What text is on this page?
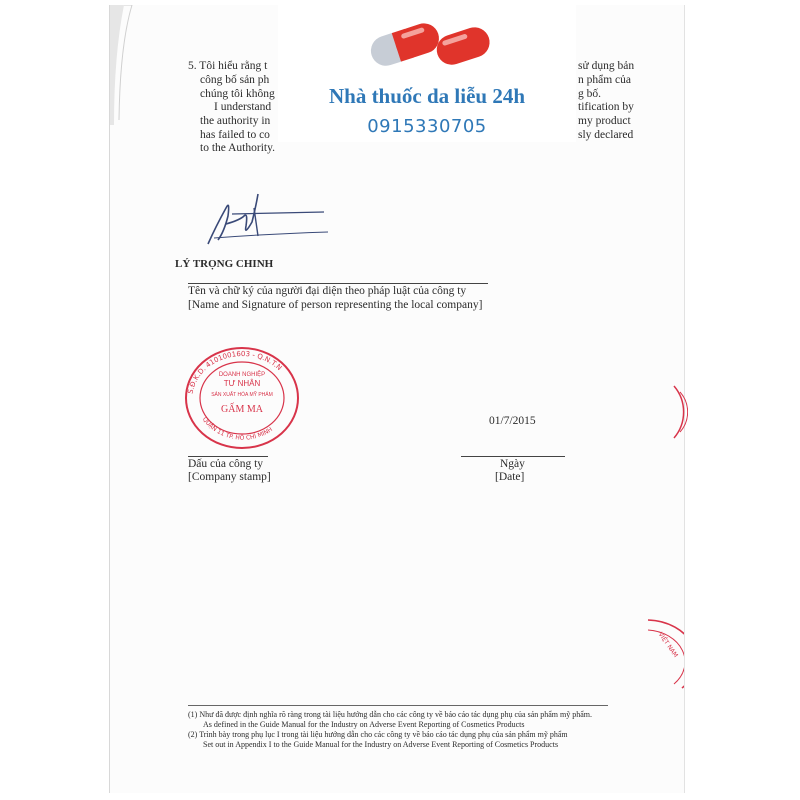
5. Tôi hiểu rằng t	sử dụng bản
công bố sản ph	n phẩm của
chúng tôi không	g bố.
I understand	tification by
the authority in	my product
has failed to co	sly declared
to the Authority.
Nhà thuốc da liễu 24h
0915330705
LÝ TRỌNG CHINH
Tên và chữ ký của người đại diện theo pháp luật của công ty
[Name and Signature of person representing the local company]
S.Đ.K.D. 4101001603 - Q.N.T.N
QUẬN 11 TP. HỒ CHÍ MINH
DOANH NGHIỆP
TƯ NHÂN
SẢN XUẤT HÓA MỸ PHẨM
GẤM MA
01/7/2015
Ngày
[Date]
Dấu của công ty
[Company stamp]
VIỆT NAM
(1) Như đã được định nghĩa rõ ràng trong tài liệu hướng dẫn cho các công ty về báo cáo tác dụng phụ của sản phẩm mỹ phẩm.
As defined in the Guide Manual for the Industry on Adverse Event Reporting of Cosmetics Products
(2) Trình bày trong phụ lục I trong tài liệu hướng dẫn cho các công ty về báo cáo tác dụng phụ của sản phẩm mỹ phẩm
Set out in Appendix I to the Guide Manual for the Industry on Adverse Event Reporting of Cosmetics Products
